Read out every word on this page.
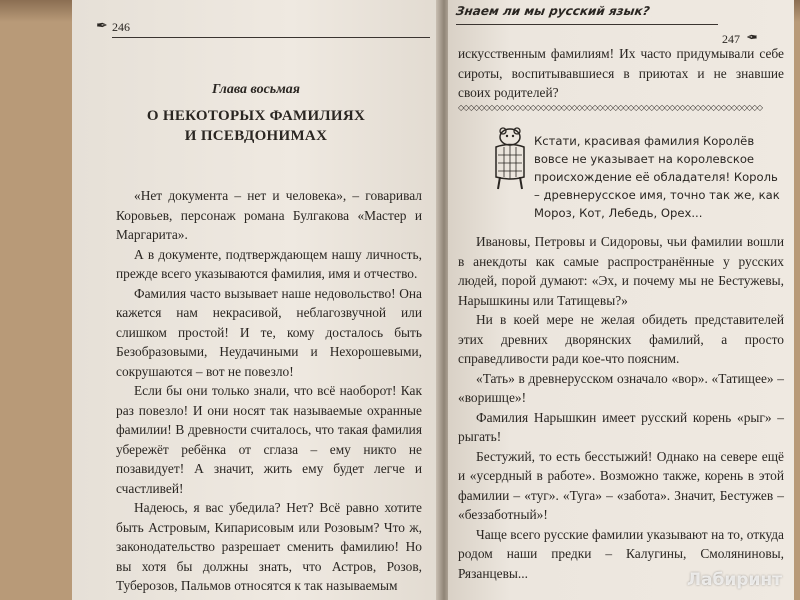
✒ 246
Глава восьмая
О НЕКОТОРЫХ ФАМИЛИЯХ
И ПСЕВДОНИМАХ

«Нет документа – нет и человека», – говаривал Коровьев, персонаж романа Булгакова «Мастер и Маргарита».

А в документе, подтверждающем нашу личность, прежде всего указываются фамилия, имя и отчество.

Фамилия часто вызывает наше недовольство! Она кажется нам некрасивой, неблагозвучной или слишком простой! И те, кому досталось быть Безобразовыми, Неудачиными и Нехорошевыми, сокрушаются – вот не повезло!

Если бы они только знали, что всё наоборот! Как раз повезло! И они носят так называемые охранные фамилии! В древности считалось, что такая фамилия убережёт ребёнка от сглаза – ему никто не позавидует! А значит, жить ему будет легче и счастливей!

Надеюсь, я вас убедила? Нет? Всё равно хотите быть Астровым, Кипарисовым или Розовым? Что ж, законодательство разрешает сменить фамилию! Но вы хотя бы должны знать, что Астров, Розов, Туберозов, Пальмов относятся к так называемым

Знаем ли мы русский язык?
247 ✒

искусственным фамилиям! Их часто придумывали себе сироты, воспитывавшиеся в приютах и не знавшие своих родителей?

◇◇◇◇◇◇◇◇◇◇◇◇◇◇◇◇◇◇◇◇◇◇◇◇◇◇◇◇◇◇◇◇◇◇◇◇◇◇◇◇◇◇◇◇◇◇◇◇◇◇◇◇◇◇◇◇◇◇◇

Кстати, красивая фамилия Королёв вовсе не указывает на королевское происхождение её обладателя! Король – древнерусское имя, точно так же, как Мороз, Кот, Лебедь, Орех...

Ивановы, Петровы и Сидоровы, чьи фамилии вошли в анекдоты как самые распространённые у русских людей, порой думают: «Эх, и почему мы не Бестужевы, Нарышкины или Татищевы?»

Ни в коей мере не желая обидеть представителей этих древних дворянских фамилий, а просто справедливости ради кое-что поясним.

«Тать» в древнерусском означало «вор». «Татищее» – «воришце»!

Фамилия Нарышкин имеет русский корень «рыг» – рыгать!

Бестужий, то есть бесстыжий! Однако на севере ещё и «усердный в работе». Возможно также, корень в этой фамилии – «туг». «Туга» – «забота». Значит, Бестужев – «беззаботный»!

Чаще всего русские фамилии указывают на то, откуда родом наши предки – Калугины, Смоляниновы, Рязанцевы...	Лабиринт
